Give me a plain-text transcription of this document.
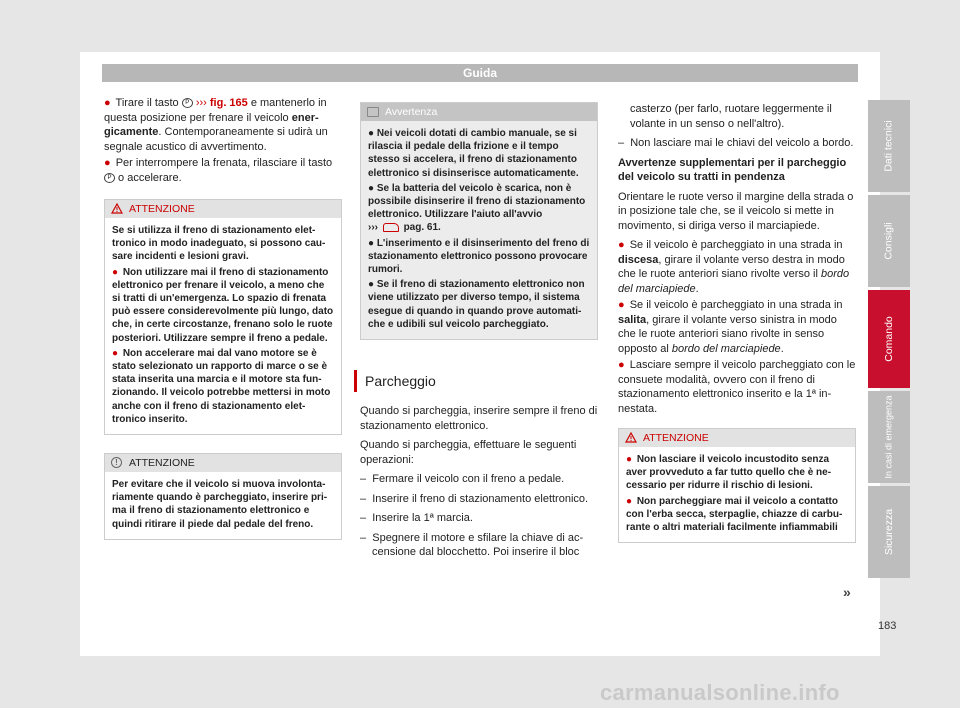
Guida

● Tirare il tasto P ››› fig. 165 e mantenerlo in questa posizione per frenare il veicolo energicamente. Contemporaneamente si udirà un segnale acustico di avvertimento.

● Per interrompere la frenata, rilasciare il tasto P o accelerare.

ATTENZIONE

Se si utilizza il freno di stazionamento elettronico in modo inadeguato, si possono causare incidenti e lesioni gravi.

● Non utilizzare mai il freno di stazionamento elettronico per frenare il veicolo, a meno che si tratti di un'emergenza. Lo spazio di frenata può essere considerevolmente più lungo, dato che, in certe circostanze, frenano solo le ruote posteriori. Utilizzare sempre il freno a pedale.

● Non accelerare mai dal vano motore se è stato selezionato un rapporto di marce o se è stata inserita una marcia e il motore sta funzionando. Il veicolo potrebbe mettersi in moto anche con il freno di stazionamento elettronico inserito.

!	ATTENZIONE

Per evitare che il veicolo si muova involontariamente quando è parcheggiato, inserire prima il freno di stazionamento elettronico e quindi ritirare il piede dal pedale del freno.

Avvertenza

● Nei veicoli dotati di cambio manuale, se si rilascia il pedale della frizione e il tempo stesso si accelera, il freno di stazionamento elettronico si disinserisce automaticamente.

● Se la batteria del veicolo è scarica, non è possibile disinserire il freno di stazionamento elettronico. Utilizzare l'aiuto all'avvio
›››	pag. 61.

● L'inserimento e il disinserimento del freno di stazionamento elettronico possono provocare rumori.

● Se il freno di stazionamento elettronico non viene utilizzato per diverso tempo, il sistema esegue di quando in quando prove automatiche e udibili sul veicolo parcheggiato.

Parcheggio

Quando si parcheggia, inserire sempre il freno di stazionamento elettronico.

Quando si parcheggia, effettuare le seguenti operazioni:

–  Fermare il veicolo con il freno a pedale.

–  Inserire il freno di stazionamento elettronico.

–  Inserire la 1ª marcia.

–  Spegnere il motore e sfilare la chiave di accensione dal blocchetto. Poi inserire il bloc

casterzo (per farlo, ruotare leggermente il volante in un senso o nell'altro).

–  Non lasciare mai le chiavi del veicolo a bordo.

Avvertenze supplementari per il parcheggio del veicolo su tratti in pendenza

Orientare le ruote verso il margine della strada o in posizione tale che, se il veicolo si mette in movimento, si diriga verso il marciapiede.

● Se il veicolo è parcheggiato in una strada in discesa, girare il volante verso destra in modo che le ruote anteriori siano rivolte verso il bordo del marciapiede.

● Se il veicolo è parcheggiato in una strada in salita, girare il volante verso sinistra in modo che le ruote anteriori siano rivolte in senso opposto al bordo del marciapiede.

● Lasciare sempre il veicolo parcheggiato con le consuete modalità, ovvero con il freno di stazionamento elettronico inserito e la 1ª innestata.

ATTENZIONE

● Non lasciare il veicolo incustodito senza aver provveduto a far tutto quello che è necessario per ridurre il rischio di lesioni.

● Non parcheggiare mai il veicolo a contatto con l'erba secca, sterpaglie, chiazze di carburante o altri materiali facilmente infiammabili

»
Dati tecnici
Consigli
Comando
In casi di emergenza
Sicurezza
183
carmanualsonline.info
